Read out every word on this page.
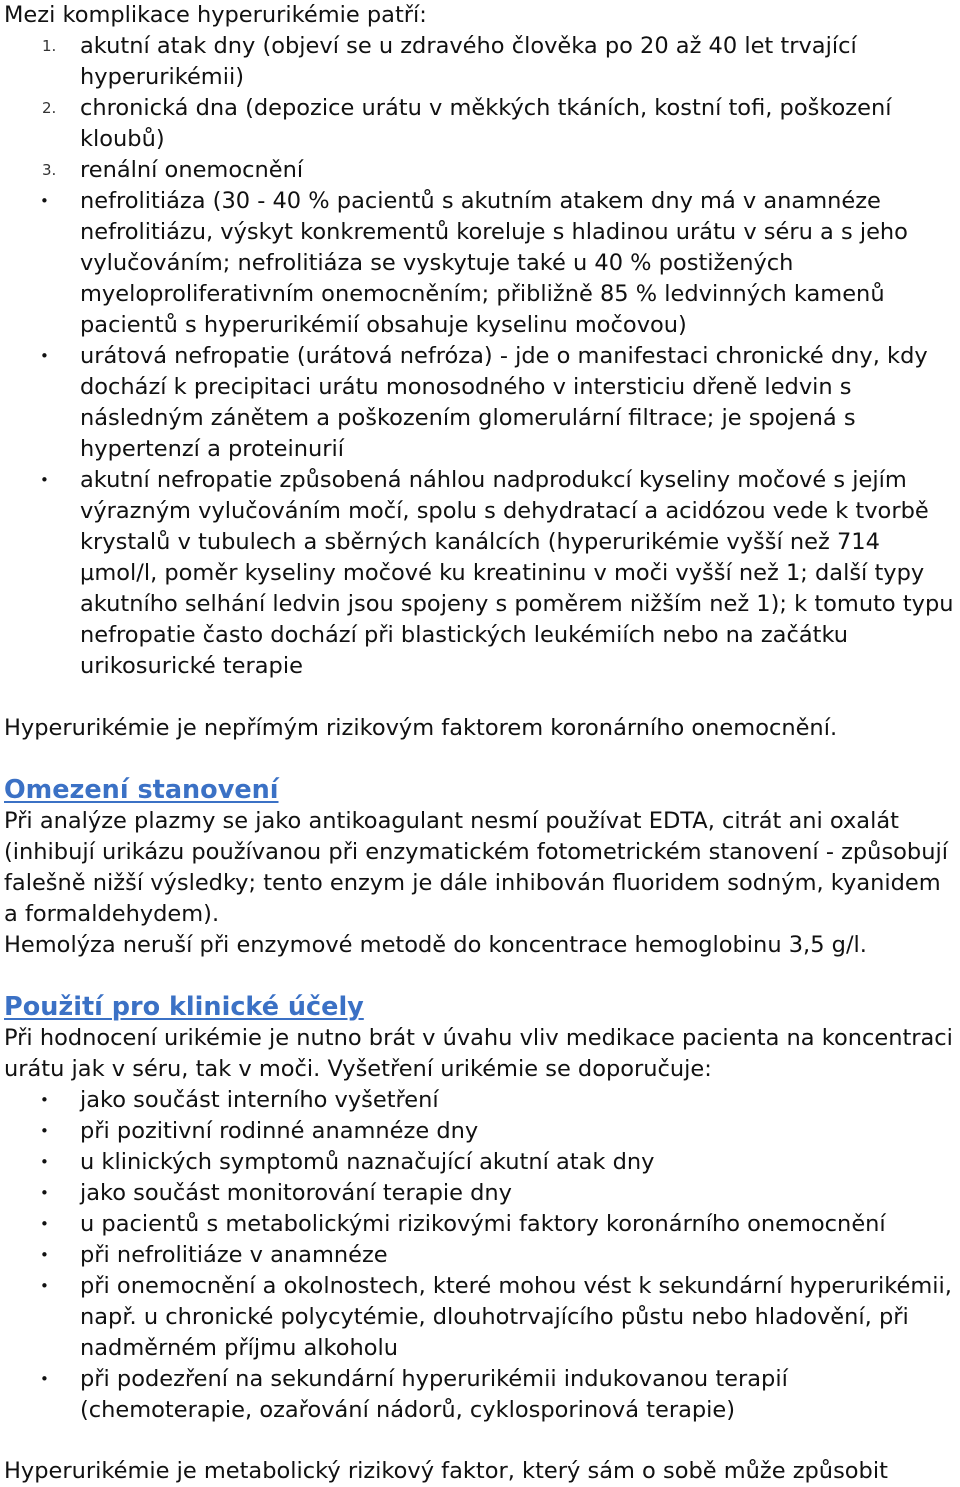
Mezi komplikace hyperurikémie patří:

1. akutní atak dny (objeví se u zdravého člověka po 20 až 40 let trvající hyperurikémii)
2. chronická dna (depozice urátu v měkkých tkáních, kostní tofi, poškození kloubů)
3. renální onemocnění
• nefrolitiáza (30 - 40 % pacientů s akutním atakem dny má v anamnéze nefrolitiázu, výskyt konkrementů koreluje s hladinou urátu v séru a s jeho vylučováním; nefrolitiáza se vyskytuje také u 40 % postižených myeloproliferativním onemocněním; přibližně 85 % ledvinných kamenů pacientů s hyperurikémií obsahuje kyselinu močovou)
• urátová nefropatie (urátová nefróza) - jde o manifestaci chronické dny, kdy dochází k precipitaci urátu monosodného v intersticiu dřeně ledvin s následným zánětem a poškozením glomerulární filtrace; je spojená s hypertenzí a proteinurií
• akutní nefropatie způsobená náhlou nadprodukcí kyseliny močové s jejím výrazným vylučováním močí, spolu s dehydratací a acidózou vede k tvorbě krystalů v tubulech a sběrných kanálcích (hyperurikémie vyšší než 714 µmol/l, poměr kyseliny močové ku kreatininu v moči vyšší než 1; další typy akutního selhání ledvin jsou spojeny s poměrem nižším než 1); k tomuto typu nefropatie často dochází při blastických leukémiích nebo na začátku urikosurické terapie

Hyperurikémie je nepřímým rizikovým faktorem koronárního onemocnění.

Omezení stanovení

Při analýze plazmy se jako antikoagulant nesmí používat EDTA, citrát ani oxalát (inhibují urikázu používanou při enzymatickém fotometrickém stanovení - způsobují falešně nižší výsledky; tento enzym je dále inhibován fluoridem sodným, kyanidem a formaldehydem).

Hemolýza neruší při enzymové metodě do koncentrace hemoglobinu 3,5 g/l.

Použití pro klinické účely

Při hodnocení urikémie je nutno brát v úvahu vliv medikace pacienta na koncentraci urátu jak v séru, tak v moči. Vyšetření urikémie se doporučuje:

• jako součást interního vyšetření
• při pozitivní rodinné anamnéze dny
• u klinických symptomů naznačující akutní atak dny
• jako součást monitorování terapie dny
• u pacientů s metabolickými rizikovými faktory koronárního onemocnění
• při nefrolitiáze v anamnéze
• při onemocnění a okolnostech, které mohou vést k sekundární hyperurikémii, např. u chronické polycytémie, dlouhotrvajícího půstu nebo hladovění, při nadměrném příjmu alkoholu
• při podezření na sekundární hyperurikémii indukovanou terapií (chemoterapie, ozařování nádorů, cyklosporinová terapie)

Hyperurikémie je metabolický rizikový faktor, který sám o sobě může způsobit
